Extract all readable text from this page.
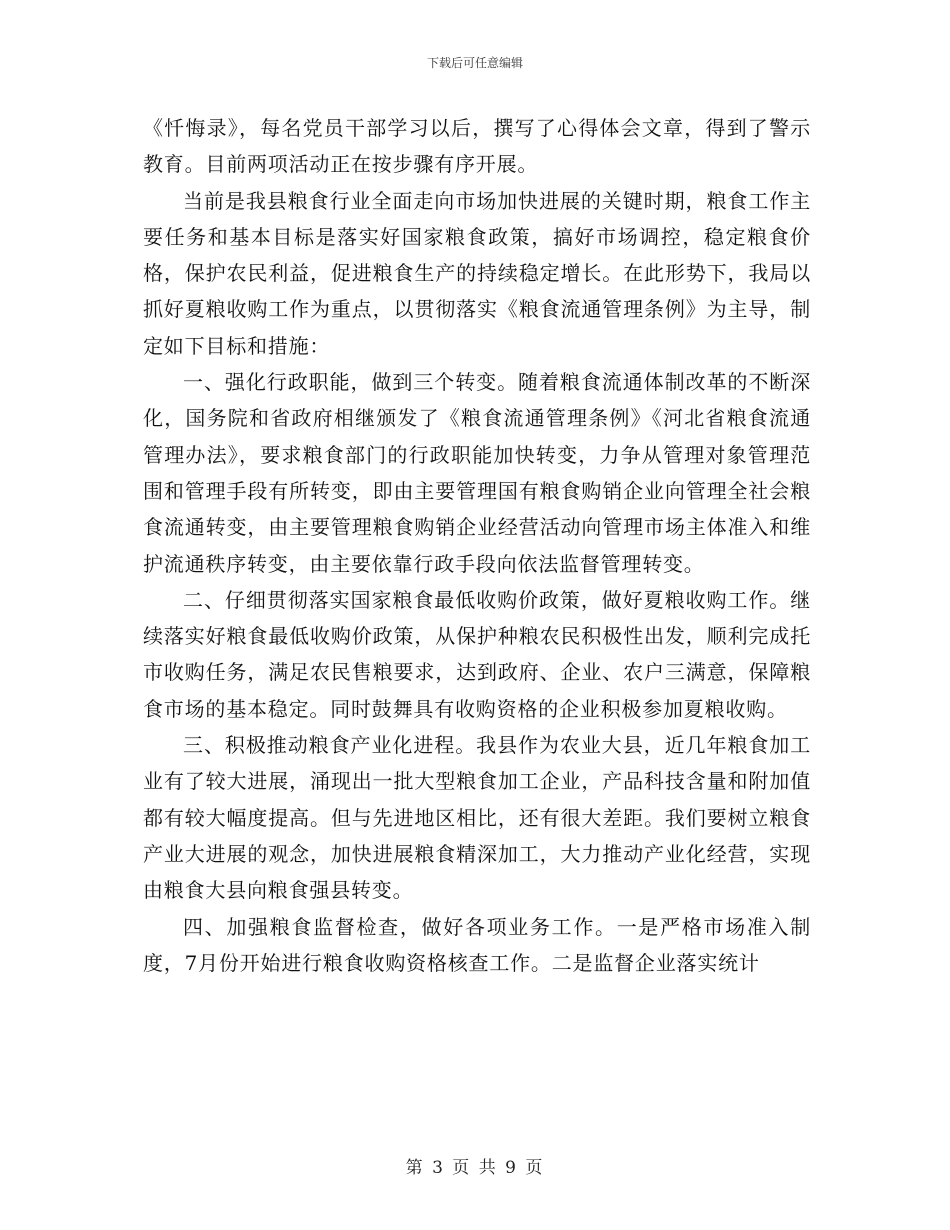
下载后可任意编辑

《忏悔录》，每名党员干部学习以后，撰写了心得体会文章，得到了警示教育。目前两项活动正在按步骤有序开展。

当前是我县粮食行业全面走向市场加快进展的关键时期，粮食工作主要任务和基本目标是落实好国家粮食政策，搞好市场调控，稳定粮食价格，保护农民利益，促进粮食生产的持续稳定增长。在此形势下，我局以抓好夏粮收购工作为重点，以贯彻落实《粮食流通管理条例》为主导，制定如下目标和措施：

一、强化行政职能，做到三个转变。随着粮食流通体制改革的不断深化，国务院和省政府相继颁发了《粮食流通管理条例》《河北省粮食流通管理办法》，要求粮食部门的行政职能加快转变，力争从管理对象管理范围和管理手段有所转变，即由主要管理国有粮食购销企业向管理全社会粮食流通转变，由主要管理粮食购销企业经营活动向管理市场主体准入和维护流通秩序转变，由主要依靠行政手段向依法监督管理转变。

二、仔细贯彻落实国家粮食最低收购价政策，做好夏粮收购工作。继续落实好粮食最低收购价政策，从保护种粮农民积极性出发，顺利完成托市收购任务，满足农民售粮要求，达到政府、企业、农户三满意，保障粮食市场的基本稳定。同时鼓舞具有收购资格的企业积极参加夏粮收购。

三、积极推动粮食产业化进程。我县作为农业大县，近几年粮食加工业有了较大进展，涌现出一批大型粮食加工企业，产品科技含量和附加值都有较大幅度提高。但与先进地区相比，还有很大差距。我们要树立粮食产业大进展的观念，加快进展粮食精深加工，大力推动产业化经营，实现由粮食大县向粮食强县转变。

四、加强粮食监督检查，做好各项业务工作。一是严格市场准入制度，7月份开始进行粮食收购资格核查工作。二是监督企业落实统计

第 3 页 共 9 页
